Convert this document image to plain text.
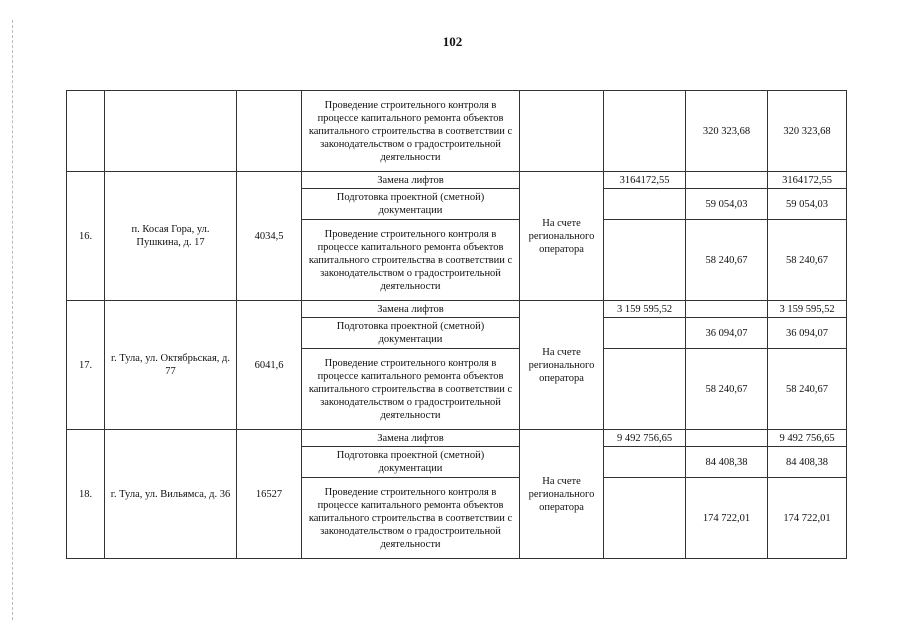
102
			Проведение строительного контроля в процессе капитального ремонта объектов капитального строительства в соответствии с законодательством о градостроительной деятельности			320 323,68	320 323,68
16.	п. Косая Гора, ул. Пушкина, д. 17	4034,5	Замена лифтов	На счете регионального оператора	3164172,55		3164172,55
			Подготовка проектной (сметной) документации			59 054,03	59 054,03
			Проведение строительного контроля в процессе капитального ремонта объектов капитального строительства в соответствии с законодательством о градостроительной деятельности			58 240,67	58 240,67
17.	г. Тула, ул. Октябрьская, д. 77	6041,6	Замена лифтов	На счете регионального оператора	3 159 595,52		3 159 595,52
			Подготовка проектной (сметной) документации			36 094,07	36 094,07
			Проведение строительного контроля в процессе капитального ремонта объектов капитального строительства в соответствии с законодательством о градостроительной деятельности			58 240,67	58 240,67
18.	г. Тула, ул. Вильямса, д. 36	16527	Замена лифтов	На счете регионального оператора	9 492 756,65		9 492 756,65
			Подготовка проектной (сметной) документации			84 408,38	84 408,38
			Проведение строительного контроля в процессе капитального ремонта объектов капитального строительства в соответствии с законодательством о градостроительной деятельности			174 722,01	174 722,01
